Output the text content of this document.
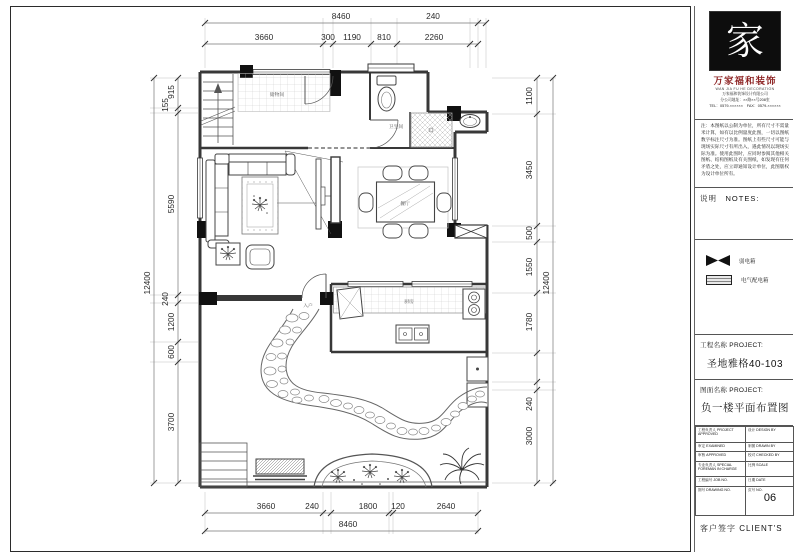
8460	240
3660	300 1190 810	2260
915
155
5590
240
1200
600
3700
12400
1100
3450
500
1550
1780
240
3000
12400
3660	240	1800 120	2640
8460
储物间
卫生间
餐厅
厨房
入户
家
万家福和装饰
WAN JIA FU HE DECORATION
万家福和装饰设计有限公司
分公司地址：××路××号208室
TEL：0579-××××××　FAX：0579-××××××

注：本图纸以公制为单位，所有尺寸不需量米计算，如有以比例量度此图，一切以图纸数字标注尺寸为准。图纸上有些尺寸可能与现场实际尺寸有所出入，遇此情况以现场实际为准。使用此图时，应同时参阅其他相关图纸、结构图纸及有关图纸，如发现有任何矛盾之处，应立即通知设计单位，此图版权为设计单位所有。

说明　NOTES:
弱电箱
电气配电箱
工程名称 PROJECT:
圣地雅格40-103
图面名称 PROJECT:
负一楼平面布置图
工程负责人 PROJECT APPROVED	设计 DESIGN BY
审定 EXAMINED	制图 DRAWN BY
审核 APPROVED	校对 CHECKED BY
专业负责人 SPECIAL FOREMAN IN CHARGE	比例 SCALE
工程编号 JOB NO.	日期 DATE
图号 DRAWING NO.	页号 NO.
06
客户签字 CLIENT'S
